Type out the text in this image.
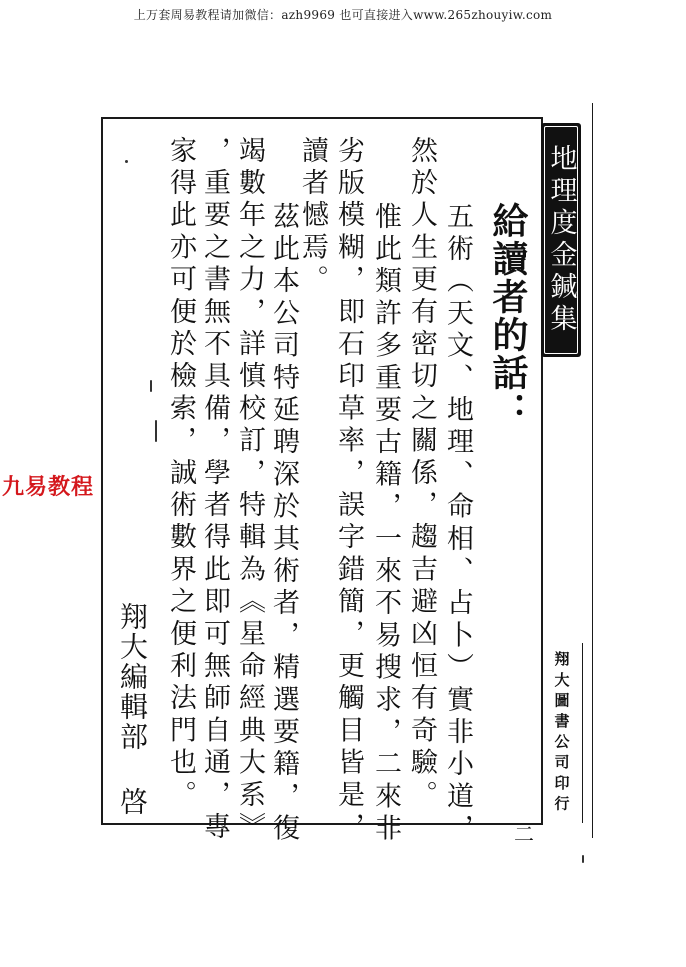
上万套周易教程请加微信：azh9969 也可直接进入www.265zhouyiw.com
九易教程
地理度金鍼集
翔大圖書公司印行
二
給讀者的話：
五術（天文、地理、命相、占卜）實非小道，
然於人生更有密切之關係，趨吉避凶恒有奇驗。
惟此類許多重要古籍，一來不易搜求，二來非
劣版模糊，即石印草率，誤字錯簡，更觸目皆是，
讀者憾焉。
茲此本公司特延聘深於其術者，精選要籍，復
竭數年之力，詳慎校訂，特輯為《星命經典大系》
，重要之書無不具備，學者得此即可無師自通，專
家得此亦可便於檢索，誠術數界之便利法門也。
翔大編輯部 啓
